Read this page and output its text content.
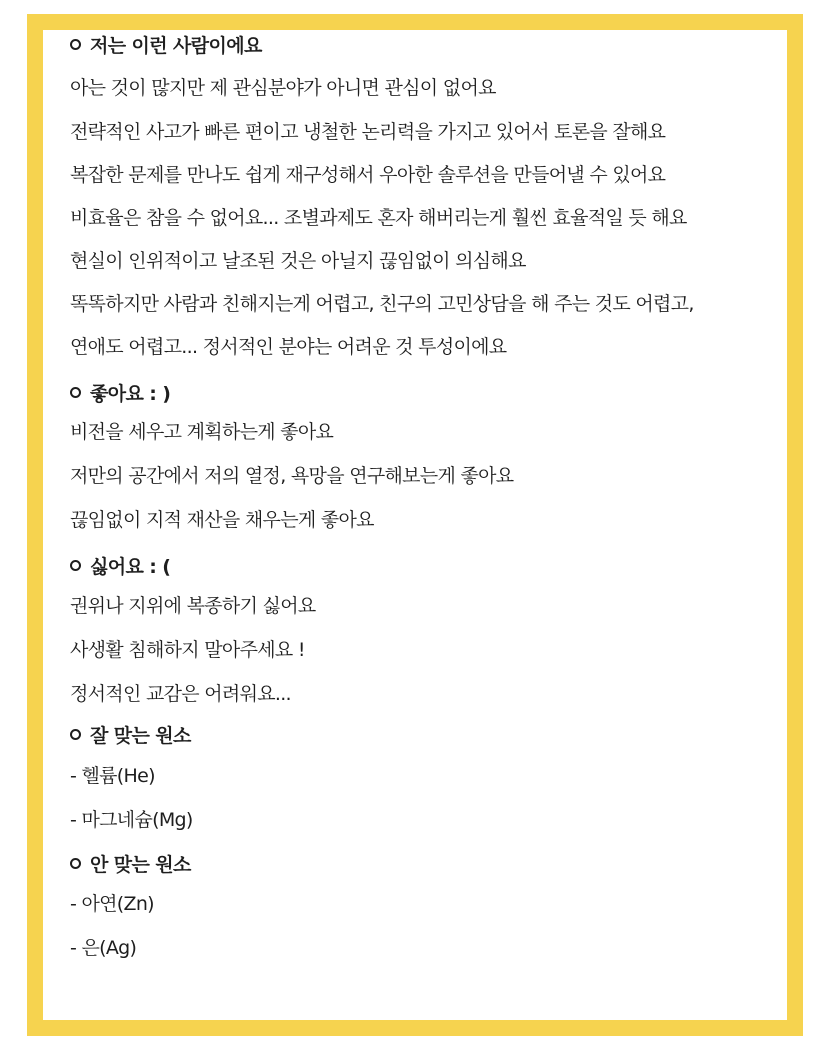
저는 이런 사람이에요
아는 것이 많지만 제 관심분야가 아니면 관심이 없어요
전략적인 사고가 빠른 편이고 냉철한 논리력을 가지고 있어서 토론을 잘해요
복잡한 문제를 만나도 쉽게 재구성해서 우아한 솔루션을 만들어낼 수 있어요
비효율은 참을 수 없어요... 조별과제도 혼자 해버리는게 훨씬 효율적일 듯 해요
현실이 인위적이고 날조된 것은 아닐지 끊임없이 의심해요
똑똑하지만 사람과 친해지는게 어렵고, 친구의 고민상담을 해 주는 것도 어렵고,
연애도 어렵고... 정서적인 분야는 어려운 것 투성이에요
좋아요 : )
비전을 세우고 계획하는게 좋아요
저만의 공간에서 저의 열정, 욕망을 연구해보는게 좋아요
끊임없이 지적 재산을 채우는게 좋아요
싫어요 : (
권위나 지위에 복종하기 싫어요
사생활 침해하지 말아주세요 !
정서적인 교감은 어려워요...
잘 맞는 원소
- 헬륨(He)
- 마그네슘(Mg)
안 맞는 원소
- 아연(Zn)
- 은(Ag)
